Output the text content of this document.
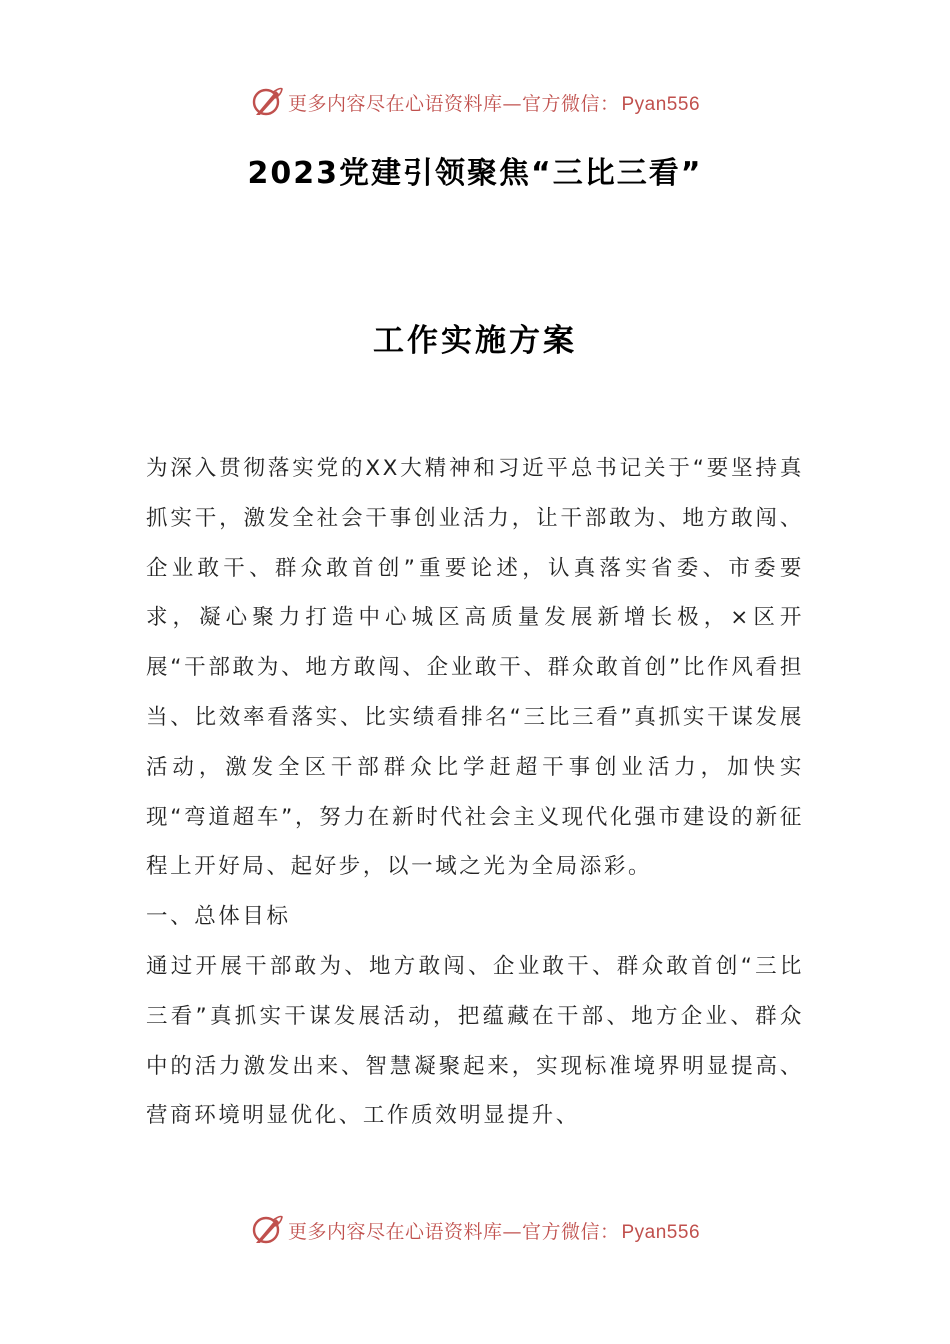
更多内容尽在心语资料库—官方微信： Pyan556
2023党建引领聚焦“三比三看”
工作实施方案

为深入贯彻落实党的XX大精神和习近平总书记关于“要坚持真抓实干，激发全社会干事创业活力，让干部敢为、地方敢闯、企业敢干、群众敢首创”重要论述，认真落实省委、市委要求，凝心聚力打造中心城区高质量发展新增长极，×区开展“干部敢为、地方敢闯、企业敢干、群众敢首创”比作风看担当、比效率看落实、比实绩看排名“三比三看”真抓实干谋发展活动，激发全区干部群众比学赶超干事创业活力，加快实现“弯道超车”，努力在新时代社会主义现代化强市建设的新征程上开好局、起好步，以一域之光为全局添彩。

一、总体目标

通过开展干部敢为、地方敢闯、企业敢干、群众敢首创“三比三看”真抓实干谋发展活动，把蕴藏在干部、地方企业、群众中的活力激发出来、智慧凝聚起来，实现标准境界明显提高、营商环境明显优化、工作质效明显提升、

更多内容尽在心语资料库—官方微信： Pyan556
